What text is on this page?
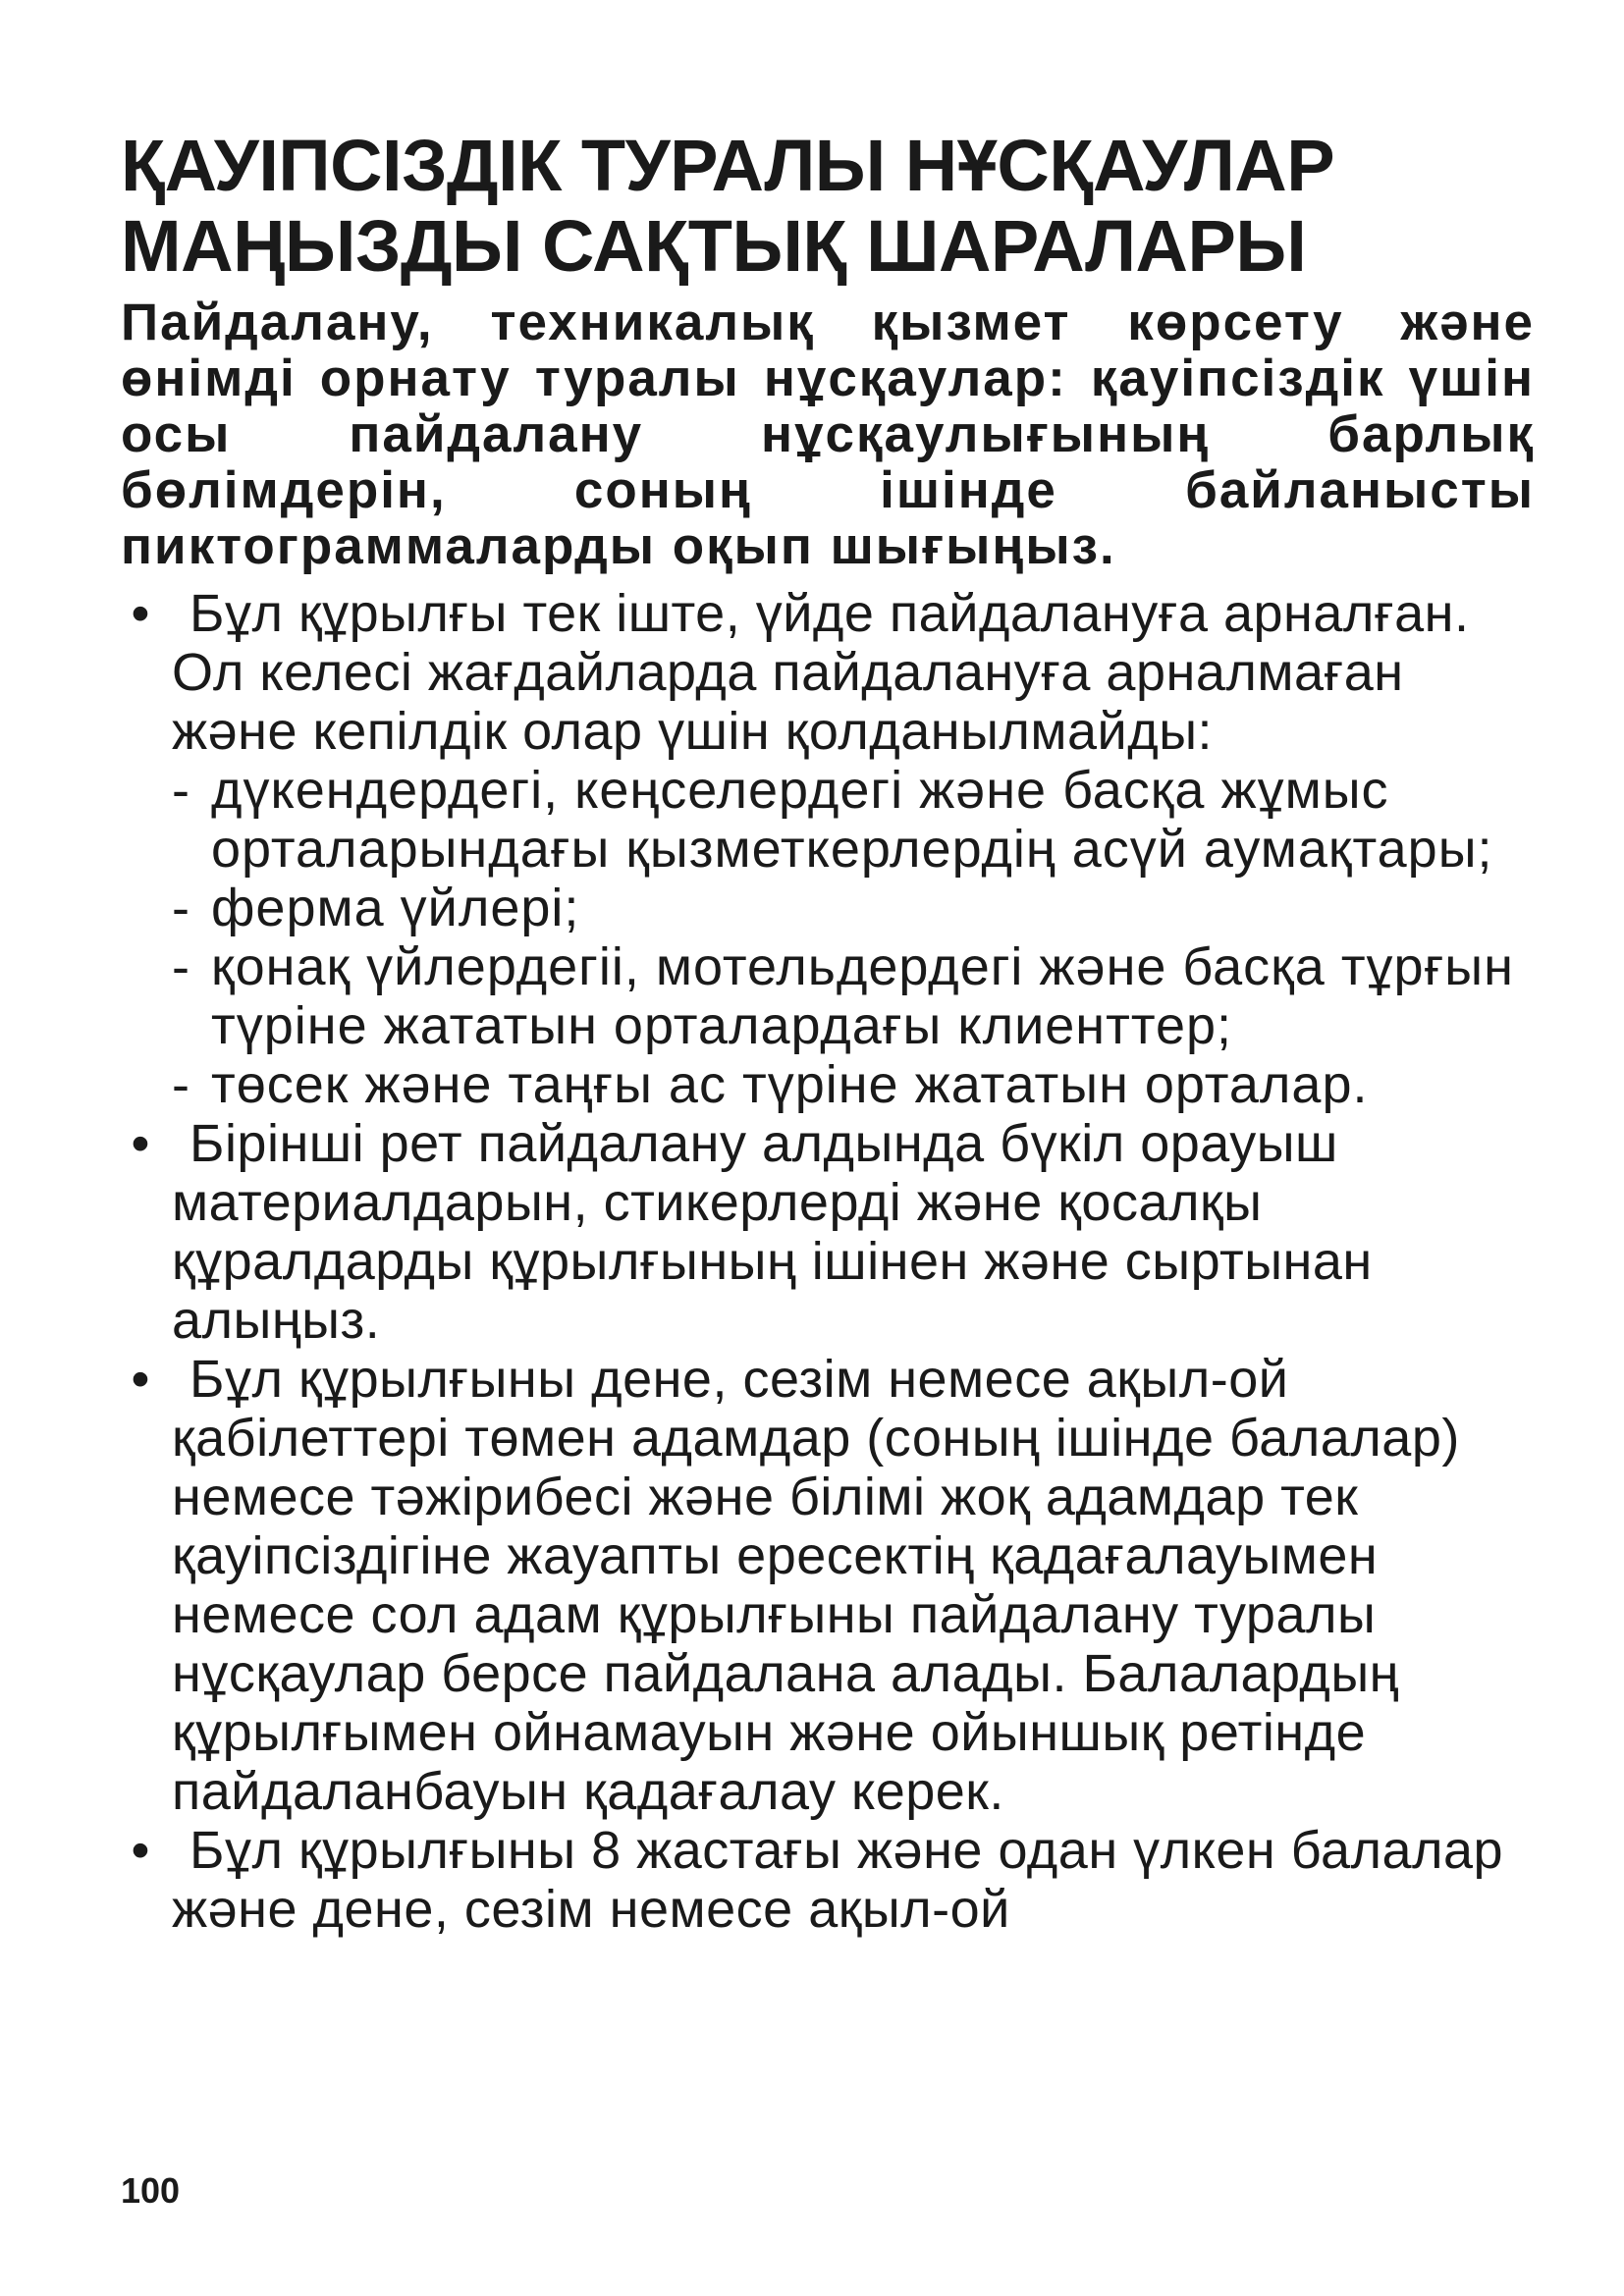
ҚАУІПСІЗДІК ТУРАЛЫ НҰСҚАУЛАР
МАҢЫЗДЫ САҚТЫҚ ШАРАЛАРЫ

Пайдалану, техникалық қызмет көрсету және өнімді орнату туралы нұсқаулар: қауіпсіздік үшін осы пайдалану нұсқаулығының барлық бөлімдерін, соның ішінде байланысты пиктограммаларды оқып шығыңыз.

• Бұл құрылғы тек іште, үйде пайдалануға арналған. Ол келесі жағдайларда пайдалануға арналмаған және кепілдік олар үшін қолданылмайды:
- дүкендердегі, кеңселердегі және басқа жұмыс орталарындағы қызметкерлердің асүй аумақтары;
- ферма үйлері;
- қонақ үйлердегіі, мотельдердегі және басқа тұрғын түріне жататын орталардағы клиенттер;
- төсек және таңғы ас түріне жататын орталар.
• Бірінші рет пайдалану алдында бүкіл орауыш материалдарын, стикерлерді және қосалқы құралдарды құрылғының ішінен және сыртынан алыңыз.
• Бұл құрылғыны дене, сезім немесе ақыл-ой қабілеттері төмен адамдар (соның ішінде балалар) немесе тәжірибесі және білімі жоқ адамдар тек қауіпсіздігіне жауапты ересектің қадағалауымен немесе сол адам құрылғыны пайдалану туралы нұсқаулар берсе пайдалана алады. Балалардың құрылғымен ойнамауын және ойыншық ретінде пайдаланбауын қадағалау керек.
• Бұл құрылғыны 8 жастағы және одан үлкен балалар және дене, сезім немесе ақыл-ой
100
